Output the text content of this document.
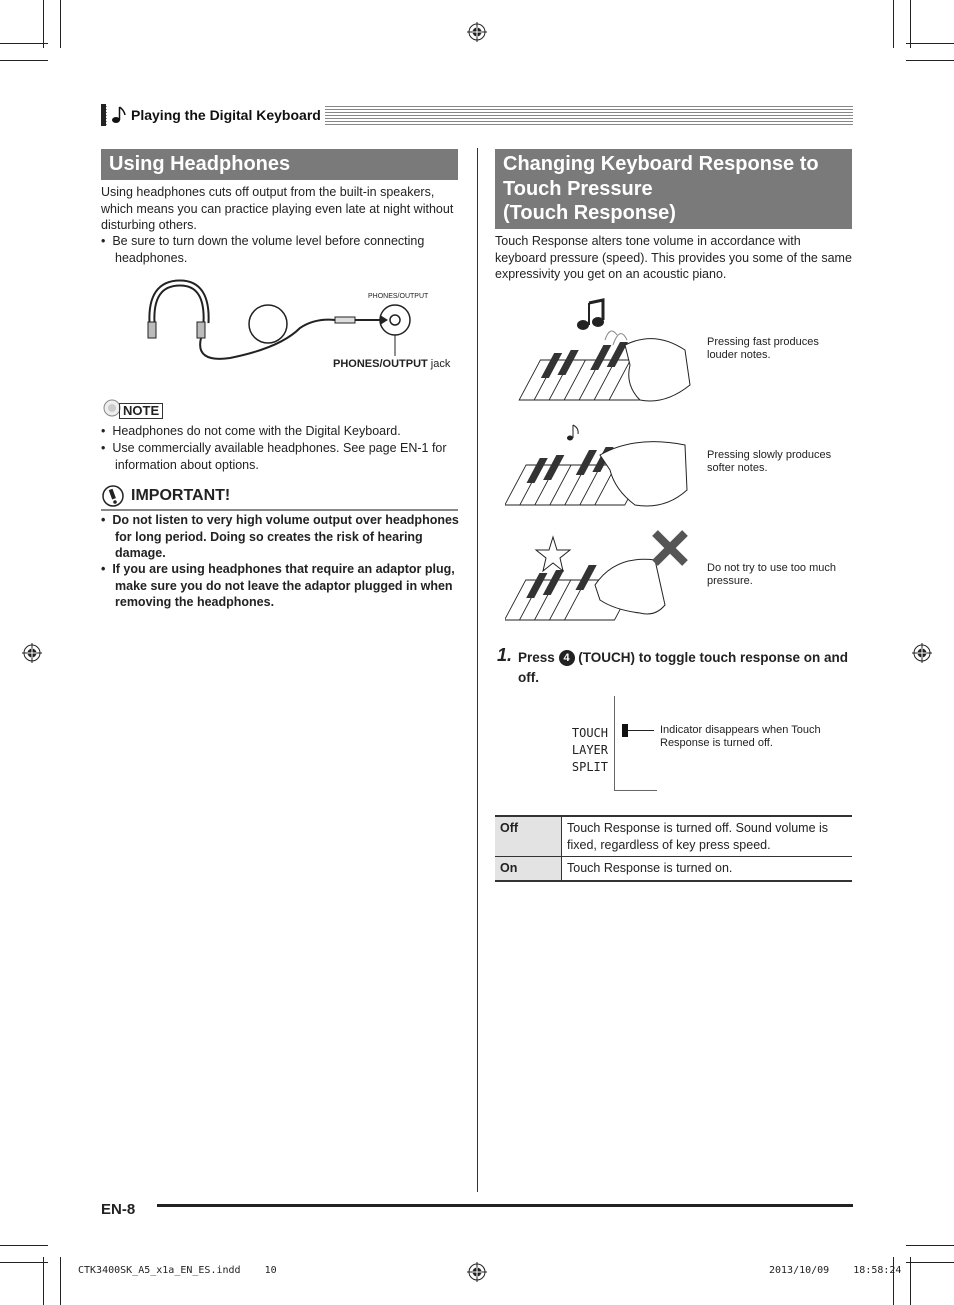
Playing the Digital Keyboard
Using Headphones
Using headphones cuts off output from the built-in speakers, which means you can practice playing even late at night without disturbing others.
•  Be sure to turn down the volume level before connecting headphones.
PHONES/OUTPUT
PHONES/OUTPUT jack
NOTE
•  Headphones do not come with the Digital Keyboard.
•  Use commercially available headphones. See page EN-1 for information about options.
IMPORTANT!
•  Do not listen to very high volume output over headphones for long period. Doing so creates the risk of hearing damage.
•  If you are using headphones that require an adaptor plug, make sure you do not leave the adaptor plugged in when removing the headphones.
Changing Keyboard Response to
Touch Pressure
(Touch Response)
Touch Response alters tone volume in accordance with keyboard pressure (speed). This provides you some of the same expressivity you get on an acoustic piano.
Pressing fast produces louder notes.
Pressing slowly produces softer notes.
Do not try to use too much pressure.
1. Press 4 (TOUCH) to toggle touch response on and off.
TOUCH
LAYER
SPLIT
Indicator disappears when Touch Response is turned off.
Off	Touch Response is turned off. Sound volume is fixed, regardless of key press speed.
On	Touch Response is turned on.
EN-8
CTK3400SK_A5_x1a_EN_ES.indd    10	2013/10/09    18:58:24
